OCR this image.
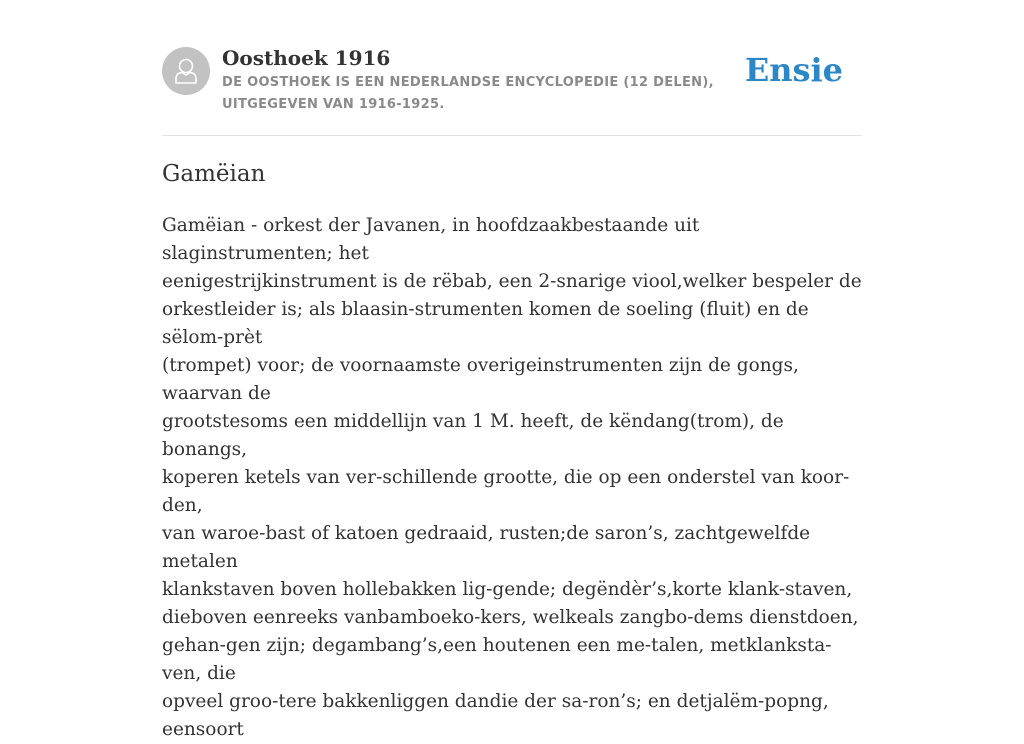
Oosthoek 1916

DE OOSTHOEK IS EEN NEDERLANDSE ENCYCLOPEDIE (12 DELEN), UITGEGEVEN VAN 1916-1925.

Ensie
Gamëian

Gamëian - orkest der Javanen, in hoofdzaakbestaande uit slaginstrumenten; het
eenigestrijkinstrument is de rëbab, een 2-snarige viool,welker bespeler de
orkestleider is; als blaasin-strumenten komen de soeling (fluit) en de sëlom-prèt
(trompet) voor; de voornaamste overigeinstrumenten zijn de gongs, waarvan de
grootstesoms een middellijn van 1 M. heeft, de këndang(trom), de bonangs,
koperen ketels van ver-schillende grootte, die op een onderstel van koor-den,
van waroe-bast of katoen gedraaid, rusten;de saron’s, zachtgewelfde metalen
klankstaven boven hollebakken lig-gende; degëndèr’s,korte klank-staven,
dieboven eenreeks vanbamboeko-kers, welkeals zangbo-dems dienstdoen,
gehan-gen zijn; degambang’s,een houtenen een me-talen, metklanksta-ven, die
opveel groo-tere bakkenliggen dandie der sa-ron’s; en detjalëm-popng, eensoort
